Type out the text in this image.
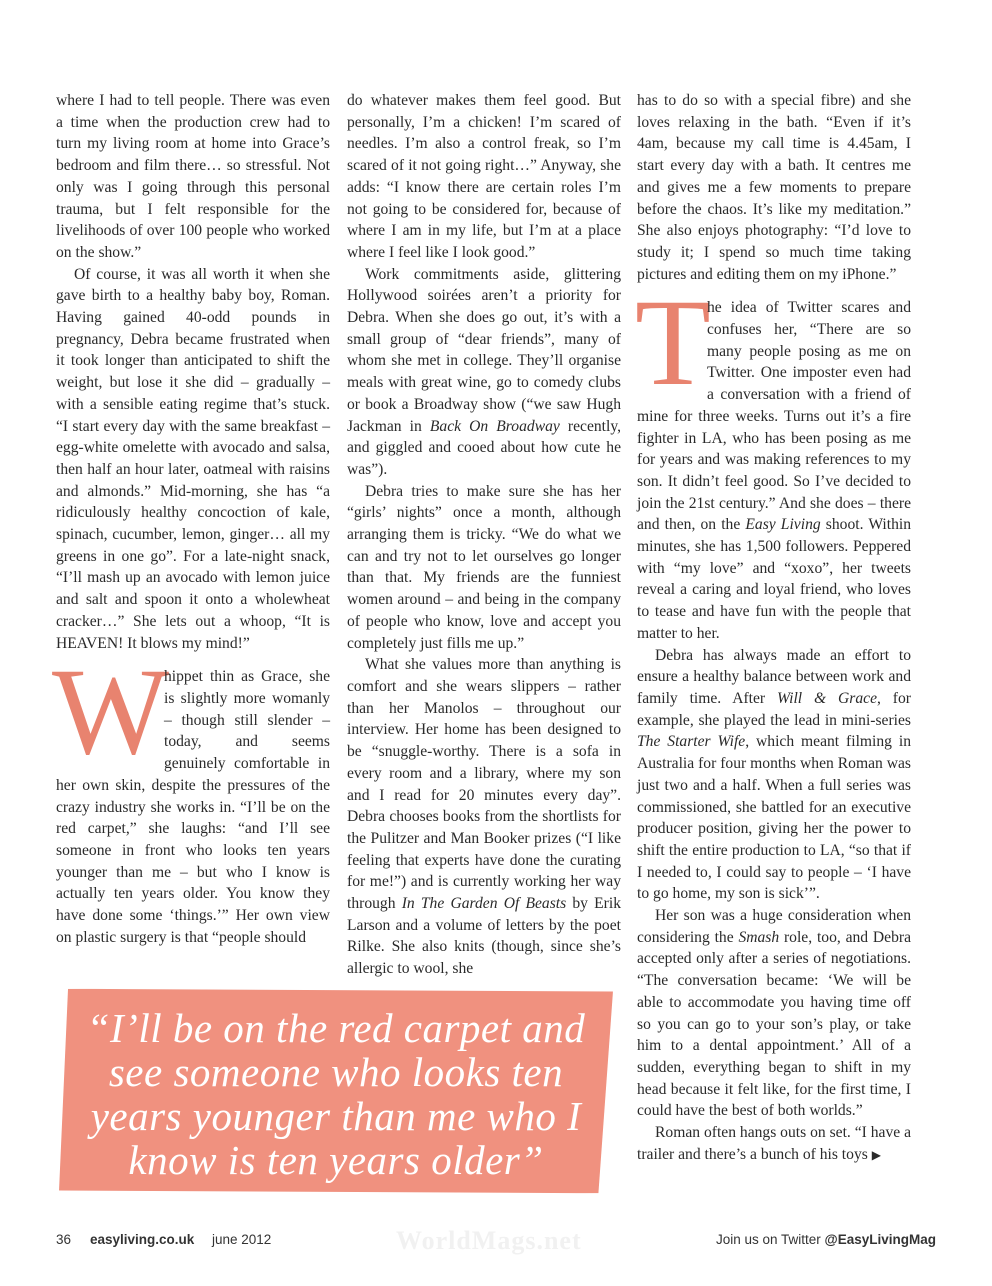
where I had to tell people. There was even a time when the production crew had to turn my living room at home into Grace’s bedroom and film there… so stressful. Not only was I going through this personal trauma, but I felt responsible for the livelihoods of over 100 people who worked on the show.”

Of course, it was all worth it when she gave birth to a healthy baby boy, Roman. Having gained 40-odd pounds in pregnancy, Debra became frustrated when it took longer than anticipated to shift the weight, but lose it she did – gradually – with a sensible eating regime that’s stuck. “I start every day with the same breakfast – egg-white omelette with avocado and salsa, then half an hour later, oatmeal with raisins and almonds.” Mid-morning, she has “a ridiculously healthy concoction of kale, spinach, cucumber, lemon, ginger… all my greens in one go”. For a late-night snack, “I’ll mash up an avocado with lemon juice and salt and spoon it onto a wholewheat cracker…” She lets out a whoop, “It is HEAVEN! It blows my mind!”

W

hippet thin as Grace, she is slightly more womanly – though still slender – today, and seems genuinely comfortable in her own skin, despite the pressures of the crazy industry she works in. “I’ll be on the red carpet,” she laughs: “and I’ll see someone in front who looks ten years younger than me – but who I know is actually ten years older. You know they have done some ‘things.’” Her own view on plastic surgery is that “people should

do whatever makes them feel good. But personally, I’m a chicken! I’m scared of needles. I’m also a control freak, so I’m scared of it not going right…” Anyway, she adds: “I know there are certain roles I’m not going to be considered for, because of where I am in my life, but I’m at a place where I feel like I look good.”

Work commitments aside, glittering Hollywood soirées aren’t a priority for Debra. When she does go out, it’s with a small group of “dear friends”, many of whom she met in college. They’ll organise meals with great wine, go to comedy clubs or book a Broadway show (“we saw Hugh Jackman in Back On Broadway recently, and giggled and cooed about how cute he was”).

Debra tries to make sure she has her “girls’ nights” once a month, although arranging them is tricky. “We do what we can and try not to let ourselves go longer than that. My friends are the funniest women around – and being in the company of people who know, love and accept you completely just fills me up.”

What she values more than anything is comfort and she wears slippers – rather than her Manolos – throughout our interview. Her home has been designed to be “snuggle-worthy. There is a sofa in every room and a library, where my son and I read for 20 minutes every day”. Debra chooses books from the shortlists for the Pulitzer and Man Booker prizes (“I like feeling that experts have done the curating for me!”) and is currently working her way through In The Garden Of Beasts by Erik Larson and a volume of letters by the poet Rilke. She also knits (though, since she’s allergic to wool, she

has to do so with a special fibre) and she loves relaxing in the bath. “Even if it’s 4am, because my call time is 4.45am, I start every day with a bath. It centres me and gives me a few moments to prepare before the chaos. It’s like my meditation.” She also enjoys photography: “I’d love to study it; I spend so much time taking pictures and editing them on my iPhone.”

T

he idea of Twitter scares and confuses her, “There are so many people posing as me on Twitter. One imposter even had a conversation with a friend of mine for three weeks. Turns out it’s a fire fighter in LA, who has been posing as me for years and was making references to my son. It didn’t feel good. So I’ve decided to join the 21st century.” And she does – there and then, on the Easy Living shoot. Within minutes, she has 1,500 followers. Peppered with “my love” and “xoxo”, her tweets reveal a caring and loyal friend, who loves to tease and have fun with the people that matter to her.

Debra has always made an effort to ensure a healthy balance between work and family time. After Will & Grace, for example, she played the lead in mini-series The Starter Wife, which meant filming in Australia for four months when Roman was just two and a half. When a full series was commissioned, she battled for an executive producer position, giving her the power to shift the entire production to LA, “so that if I needed to, I could say to people – ‘I have to go home, my son is sick’”.

Her son was a huge consideration when considering the Smash role, too, and Debra accepted only after a series of negotiations. “The conversation became: ‘We will be able to accommodate you having time off so you can go to your son’s play, or take him to a dental appointment.’ All of a sudden, everything began to shift in my head because it felt like, for the first time, I could have the best of both worlds.”

Roman often hangs outs on set. “I have a trailer and there’s a bunch of his toys ▶

“I’ll be on the red carpet and see someone who looks ten years younger than me who I know is ten years older”
36 easyliving.co.uk june 2012	WorldMags.net	Join us on Twitter @EasyLivingMag
